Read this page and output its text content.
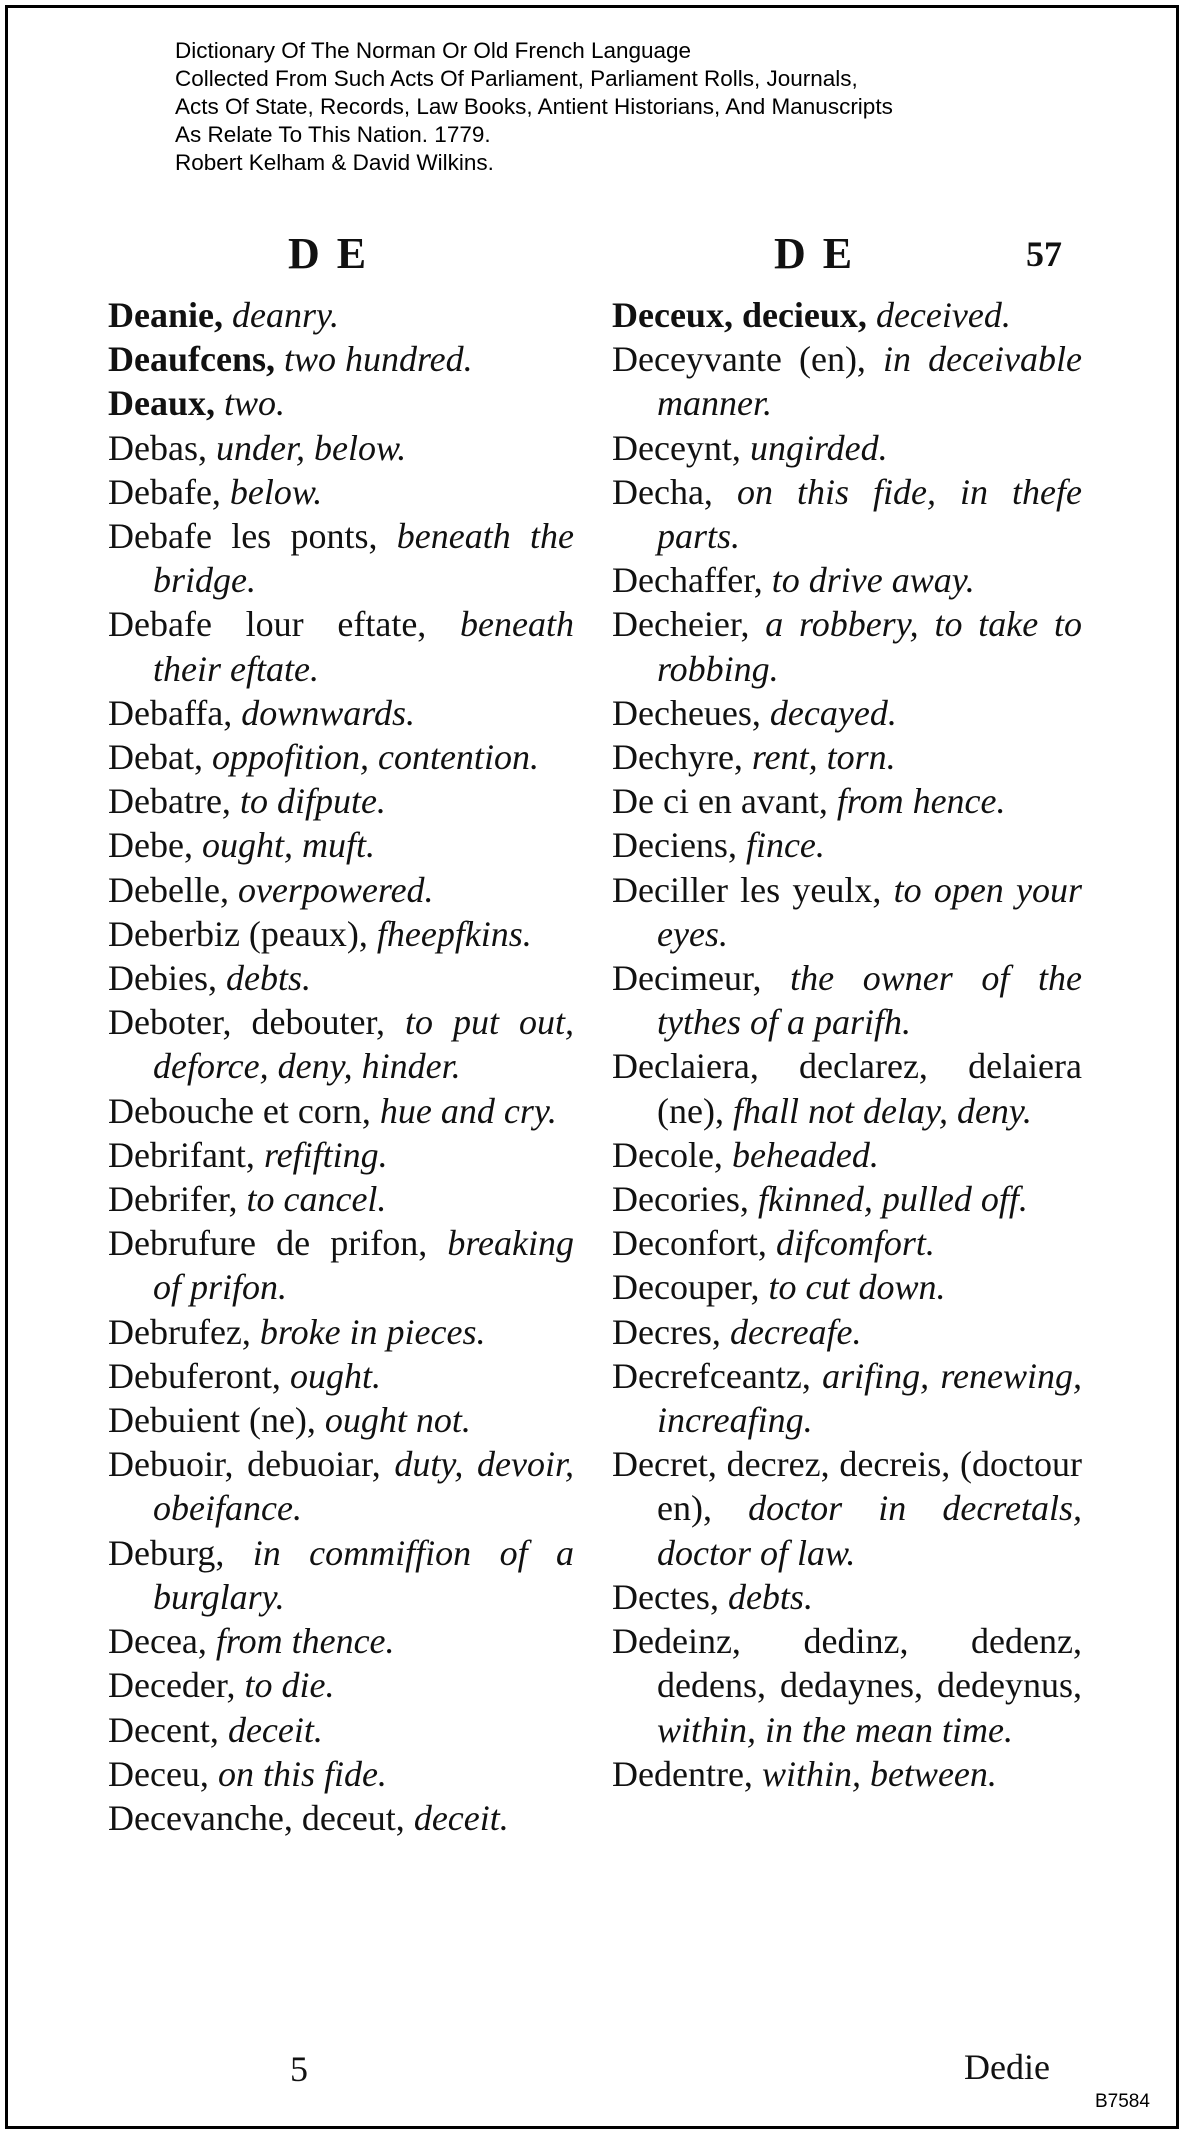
Dictionary Of The Norman Or Old French Language
Collected From Such Acts Of Parliament, Parliament Rolls, Journals,
Acts Of State, Records, Law Books, Antient Historians, And Manuscripts
As Relate To This Nation. 1779.
Robert Kelham & David Wilkins.
D E	D E	57
Deanie, deanry.
Deaufcens, two hundred.
Deaux, two.
Debas, under, below.
Debafe, below.
Debafe les ponts, beneath the bridge.
Debafe lour eftate, beneath their eftate.
Debaffa, downwards.
Debat, oppofition, contention.
Debatre, to difpute.
Debe, ought, muft.
Debelle, overpowered.
Deberbiz (peaux), fheepfkins.
Debies, debts.
Deboter, debouter, to put out, deforce, deny, hinder.
Debouche et corn, hue and cry.
Debrifant, refifting.
Debrifer, to cancel.
Debrufure de prifon, breaking of prifon.
Debrufez, broke in pieces.
Debuferont, ought.
Debuient (ne), ought not.
Debuoir, debuoiar, duty, devoir, obeifance.
Deburg, in commiffion of a burglary.
Decea, from thence.
Deceder, to die.
Decent, deceit.
Deceu, on this fide.
Decevanche, deceut, deceit.
Deceux, decieux, deceived.
Deceyvante (en), in deceivable manner.
Deceynt, ungirded.
Decha, on this fide, in thefe parts.
Dechaffer, to drive away.
Decheier, a robbery, to take to robbing.
Decheues, decayed.
Dechyre, rent, torn.
De ci en avant, from hence.
Deciens, fince.
Deciller les yeulx, to open your eyes.
Decimeur, the owner of the tythes of a parifh.
Declaiera, declarez, delaiera (ne), fhall not delay, deny.
Decole, beheaded.
Decories, fkinned, pulled off.
Deconfort, difcomfort.
Decouper, to cut down.
Decres, decreafe.
Decrefceantz, arifing, renewing, increafing.
Decret, decrez, decreis, (doctour en), doctor in decretals, doctor of law.
Dectes, debts.
Dedeinz, dedinz, dedenz, dedens, dedaynes, dedeynus, within, in the mean time.
Dedentre, within, between.
5	Dedie
B7584
